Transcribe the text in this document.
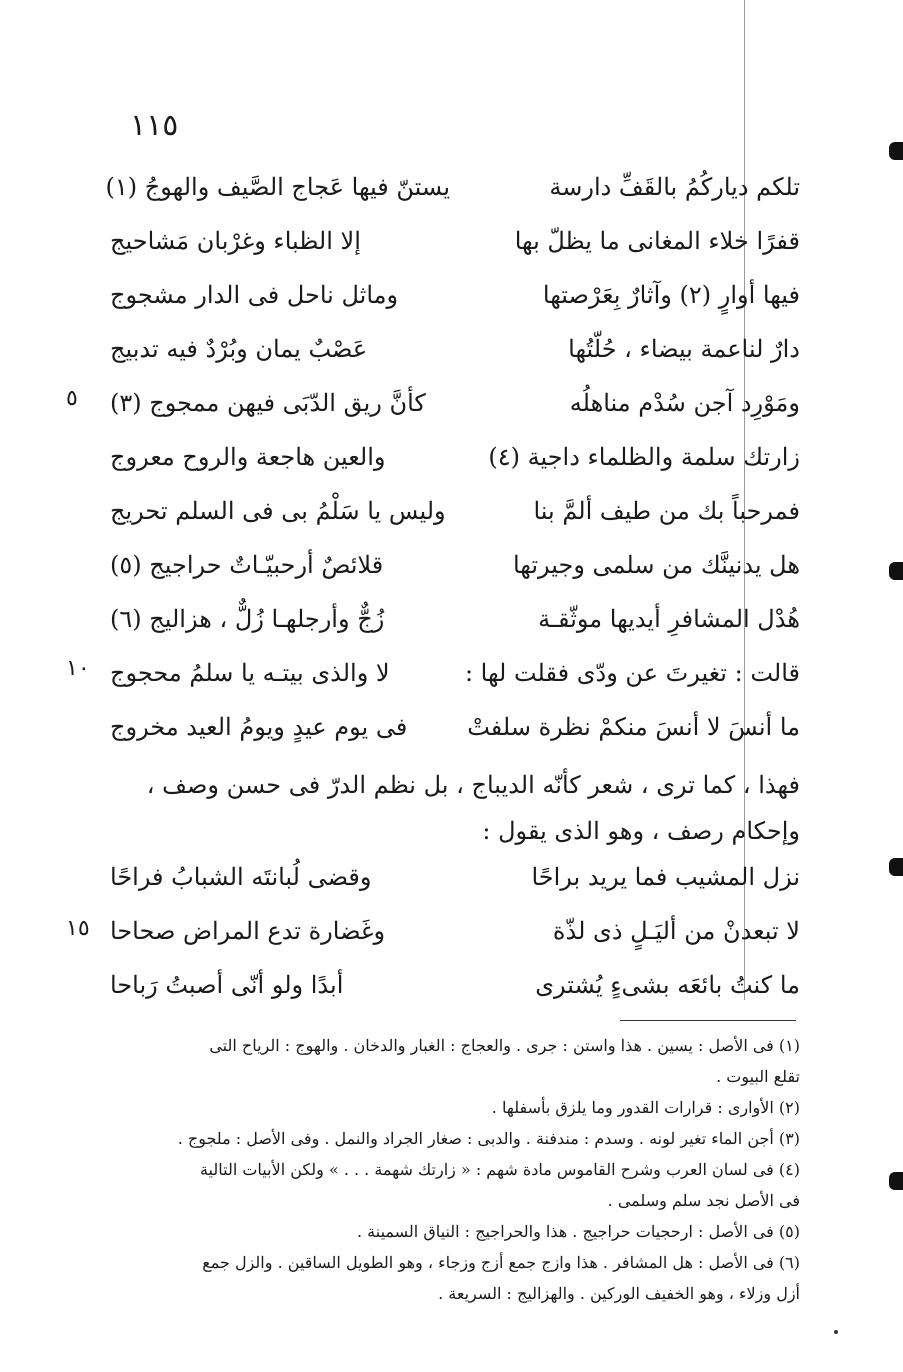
١١٥
تلكم دياركُمُ بالقَفِّ دارسة
يستنّ فيها عَجاج الصَّيف والهوجُ (١)
قفرًا خلاء المغانى ما يظلّ بها
إلا الظباء وغرْبان مَشاحيج
فيها أوارٍ (٢) وآثارٌ بِعَرْصتها
وماثل ناحل فى الدار مشجوج
دارٌ لناعمة بيضاء ، حُلّتُها
عَصْبٌ يمان وبُرْدٌ فيه تدبيج
ومَوْرِد آجن سُدْم مناهلُه
كأنَّ ريق الدّبَى فيهن ممجوج (٣)
زارتك سلمة والظلماء داجية (٤)
والعين هاجعة والروح معروج
فمرحباً بك من طيف ألمَّ بنا
وليس يا سَلْمُ بى فى السلم تحريج
هل يدنينَّك من سلمى وجيرتها
قلائصٌ أرحبيّـاتٌ حراجيج (٥)
هُدْل المشافرِ أيديها موثّقـة
زُجٌّ وأرجلهـا زُلٌّ ، هزاليج (٦)
قالت : تغيرتَ عن ودّى فقلت لها :
لا والذى بيتـه يا سلمُ محجوج
ما أنسَ لا أنسَ منكمْ نظرة سلفتْ
فى يوم عيدٍ ويومُ العيد مخروج
٥
١٠
١٥
فهذا ، كما ترى ، شعر كأنّه الديباج ، بل نظم الدرّ فى حسن وصف ، وإحكام رصف ، وهو الذى يقول :
نزل المشيب فما يريد براحًا
وقضى لُبانتَه الشبابُ فراحًا
لا تبعدنْ من أليَـلٍ ذى لذّة
وغَضارة تدع المراض صحاحا
ما كنتُ بائعَه بشىءٍ يُشترى
أبدًا ولو أنّى أصبتُ رَباحا
(١) فى الأصل : يسين . هذا واستن : جرى . والعجاج : الغبار والدخان . والهوج : الرياح التى
تقلع البيوت .
(٢) الأوارى : قرارات القدور وما يلزق بأسفلها .
(٣) أجن الماء تغير لونه . وسدم : مندفنة . والدبى : صغار الجراد والنمل . وفى الأصل : ملجوج .
(٤) فى لسان العرب وشرح القاموس مادة شهم : « زارتك شهمة . . . » ولكن الأبيات التالية
فى الأصل نجد سلم وسلمى .
(٥) فى الأصل : ارحجيات حراجيج . هذا والحراجيج : النياق السمينة .
(٦) فى الأصل : هل المشافر . هذا وازج جمع أزج وزجاء ، وهو الطويل الساقين . والزل جمع
أزل وزلاء ، وهو الخفيف الوركين . والهزاليج : السريعة .
